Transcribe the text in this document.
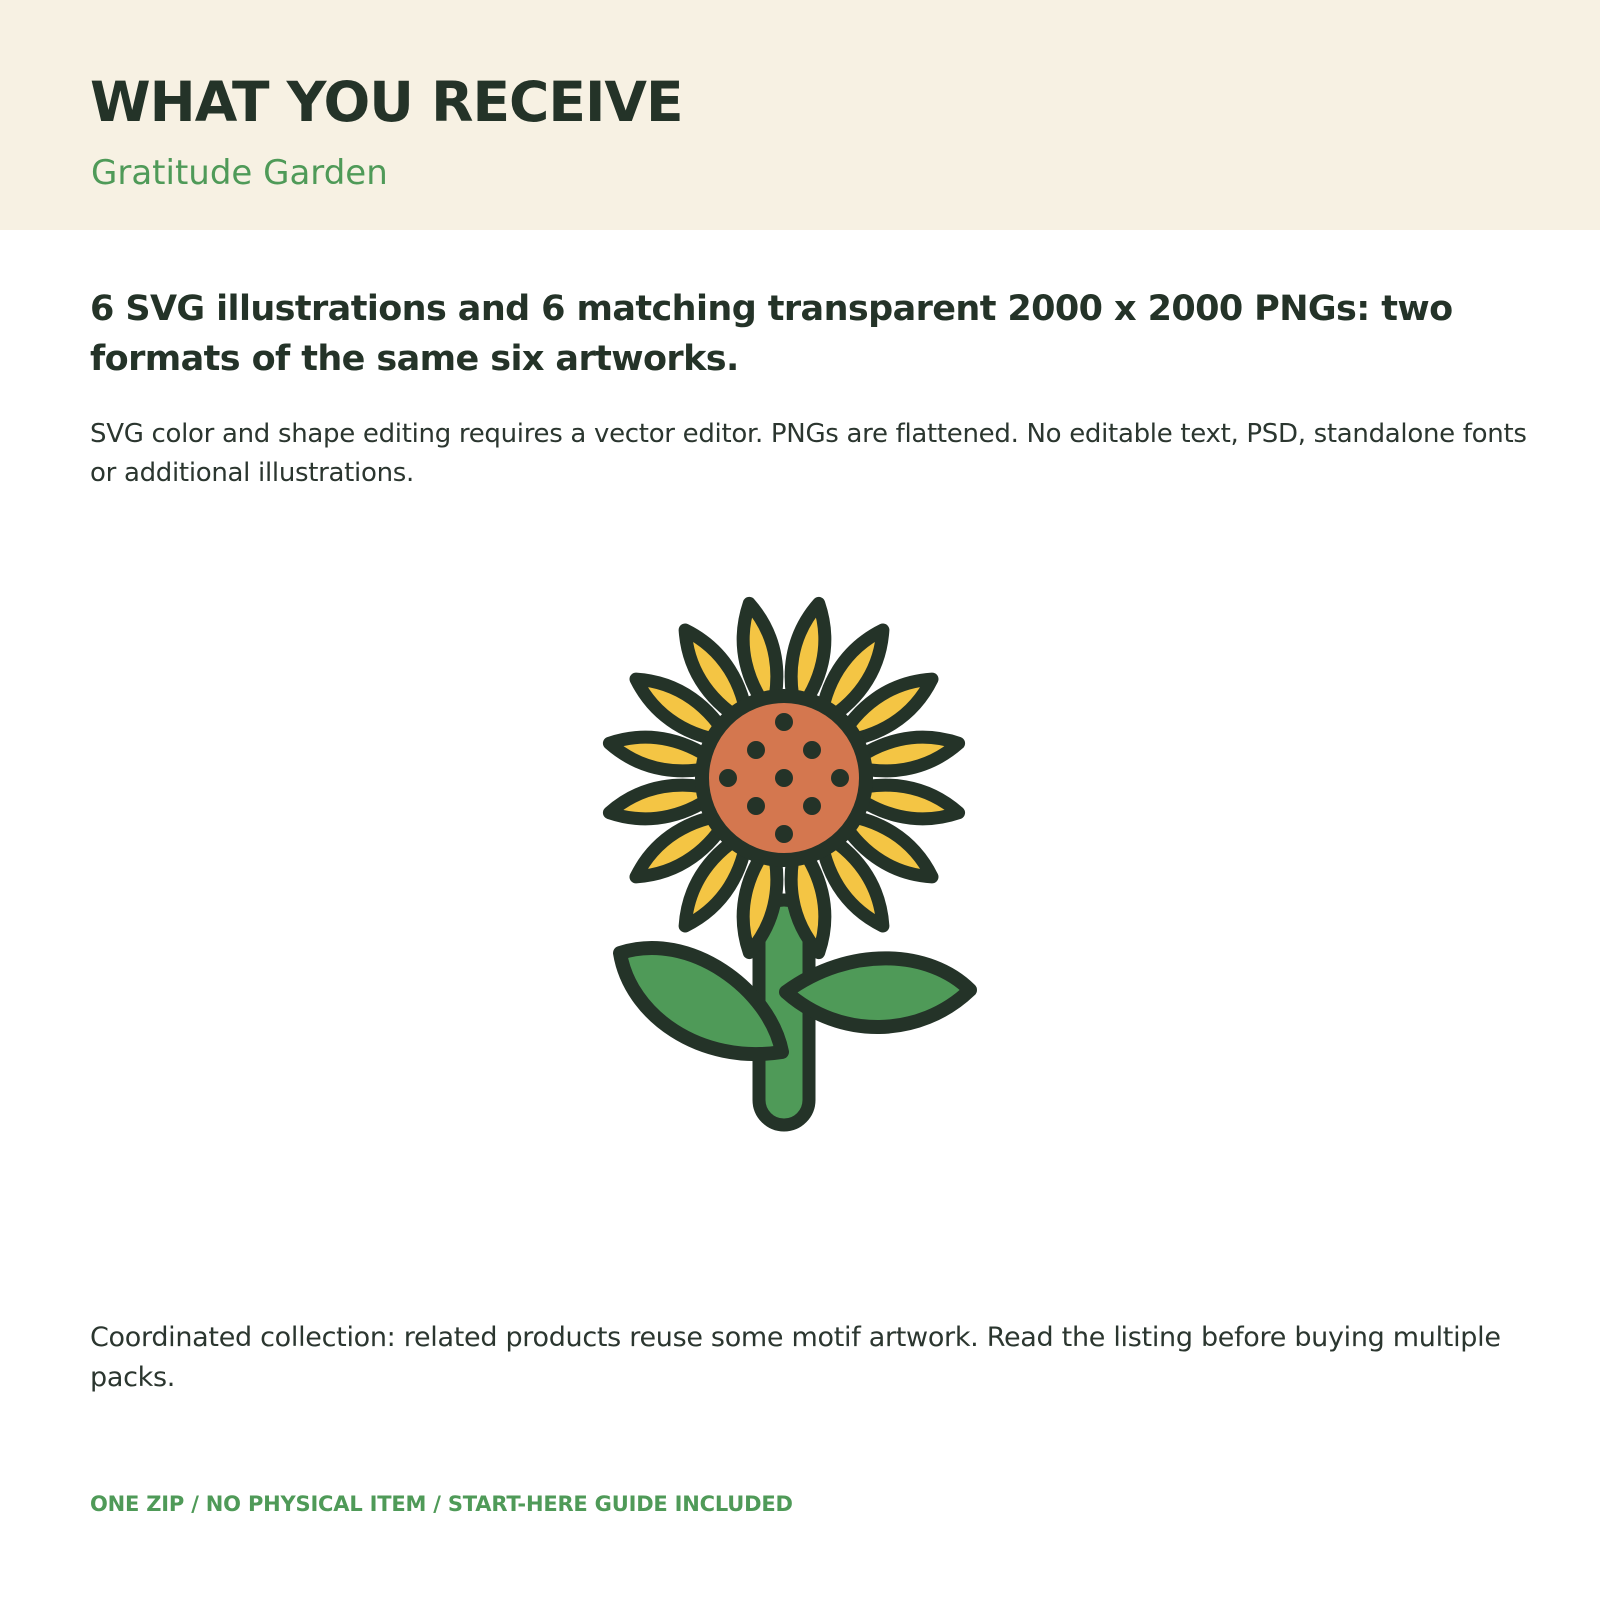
WHAT YOU RECEIVE
Gratitude Garden
6 SVG illustrations and 6 matching transparent 2000 x 2000 PNGs: two formats of the same six artworks.
SVG color and shape editing requires a vector editor. PNGs are flattened. No editable text, PSD, standalone fonts or additional illustrations.
Coordinated collection: related products reuse some motif artwork. Read the listing before buying multiple packs.
ONE ZIP / NO PHYSICAL ITEM / START-HERE GUIDE INCLUDED
